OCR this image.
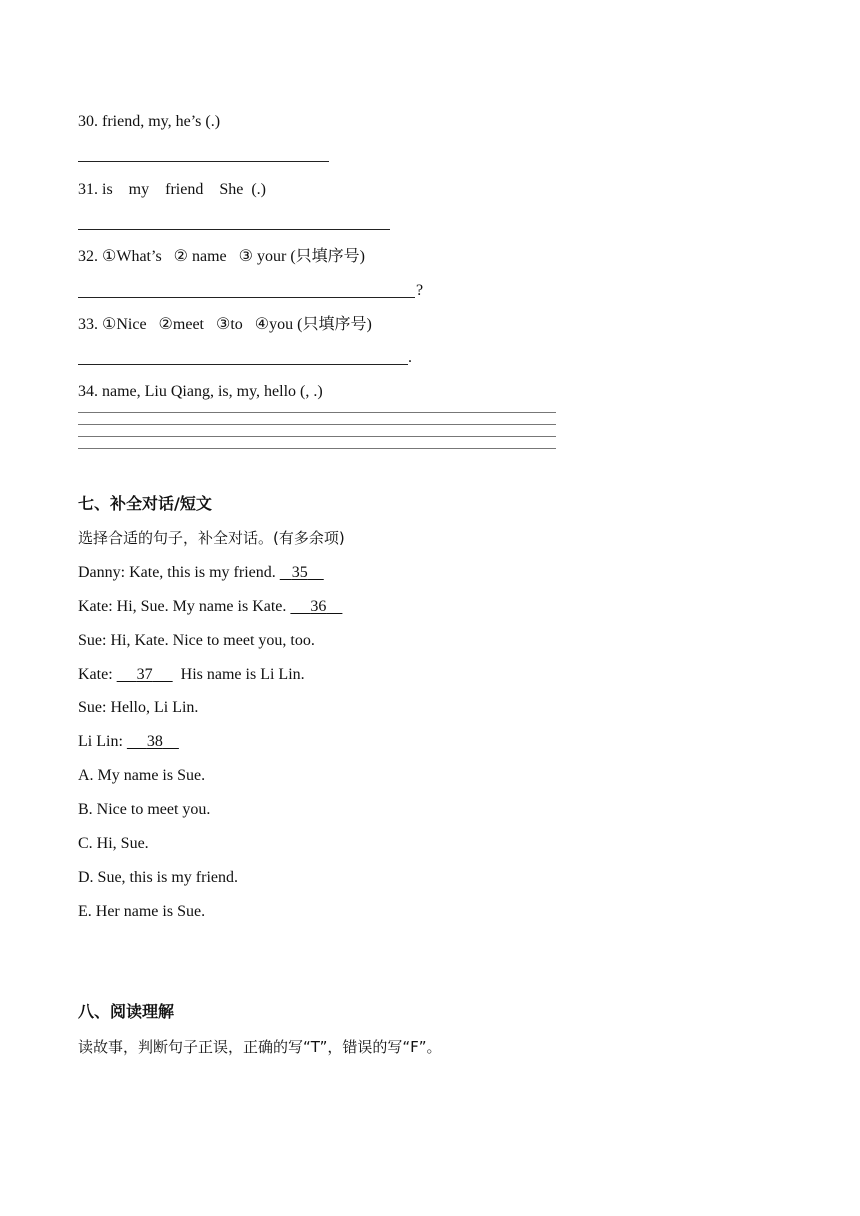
30. friend, my, he’s (.)
31. is    my    friend    She  (.)
32. ①What’s   ② name   ③ your (只填序号)
?
33. ①Nice   ②meet   ③to   ④you (只填序号)
.
34. name, Liu Qiang, is, my, hello (, .)
七、补全对话/短文
选择合适的句子，补全对话。(有多余项)
Danny: Kate, this is my friend.    35
Kate: Hi, Sue. My name is Kate.      36
Sue: Hi, Kate. Nice to meet you, too.
Kate:      37       His name is Li Lin.
Sue: Hello, Li Lin.
Li Lin:      38
A. My name is Sue.
B. Nice to meet you.
C. Hi, Sue.
D. Sue, this is my friend.
E. Her name is Sue.
八、阅读理解
读故事，判断句子正误，正确的写“T”，错误的写“F”。
